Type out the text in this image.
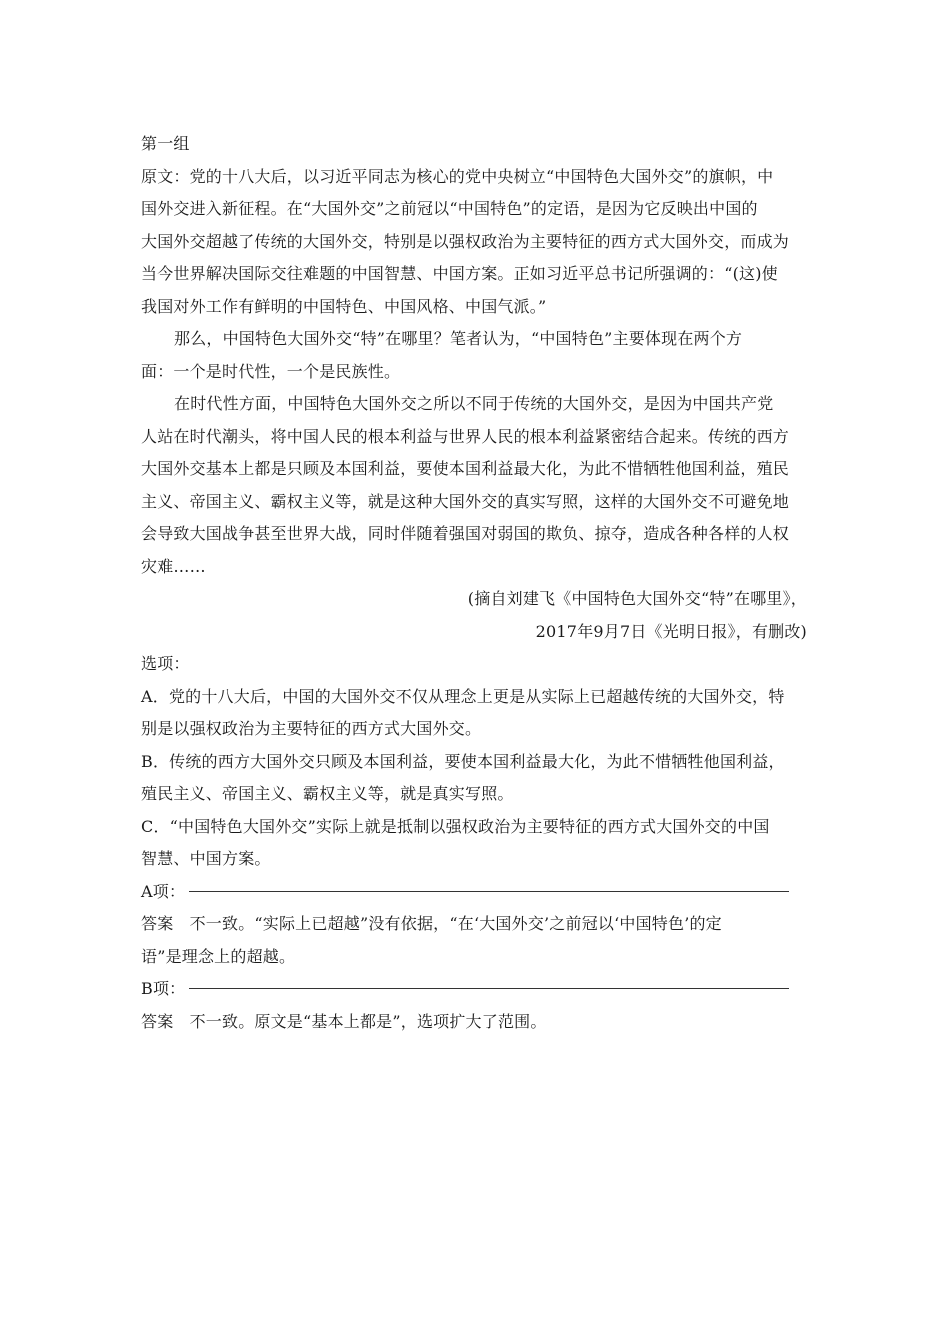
第一组
原文：党的十八大后，以习近平同志为核心的党中央树立“中国特色大国外交”的旗帜，中
国外交进入新征程。在“大国外交”之前冠以“中国特色”的定语，是因为它反映出中国的
大国外交超越了传统的大国外交，特别是以强权政治为主要特征的西方式大国外交，而成为
当今世界解决国际交往难题的中国智慧、中国方案。正如习近平总书记所强调的：“(这)使
我国对外工作有鲜明的中国特色、中国风格、中国气派。”
那么，中国特色大国外交“特”在哪里？笔者认为，“中国特色”主要体现在两个方
面：一个是时代性，一个是民族性。
在时代性方面，中国特色大国外交之所以不同于传统的大国外交，是因为中国共产党
人站在时代潮头，将中国人民的根本利益与世界人民的根本利益紧密结合起来。传统的西方
大国外交基本上都是只顾及本国利益，要使本国利益最大化，为此不惜牺牲他国利益，殖民
主义、帝国主义、霸权主义等，就是这种大国外交的真实写照，这样的大国外交不可避免地
会导致大国战争甚至世界大战，同时伴随着强国对弱国的欺负、掠夺，造成各种各样的人权
灾难……
(摘自刘建飞《中国特色大国外交“特”在哪里》，
2017年9月7日《光明日报》，有删改)
选项：
A．党的十八大后，中国的大国外交不仅从理念上更是从实际上已超越传统的大国外交，特
别是以强权政治为主要特征的西方式大国外交。
B．传统的西方大国外交只顾及本国利益，要使本国利益最大化，为此不惜牺牲他国利益，
殖民主义、帝国主义、霸权主义等，就是真实写照。
C．“中国特色大国外交”实际上就是抵制以强权政治为主要特征的西方式大国外交的中国
智慧、中国方案。
A项：
答案　不一致。“实际上已超越”没有依据，“在‘大国外交’之前冠以‘中国特色’的定
语”是理念上的超越。
B项：
答案　不一致。原文是“基本上都是”，选项扩大了范围。
